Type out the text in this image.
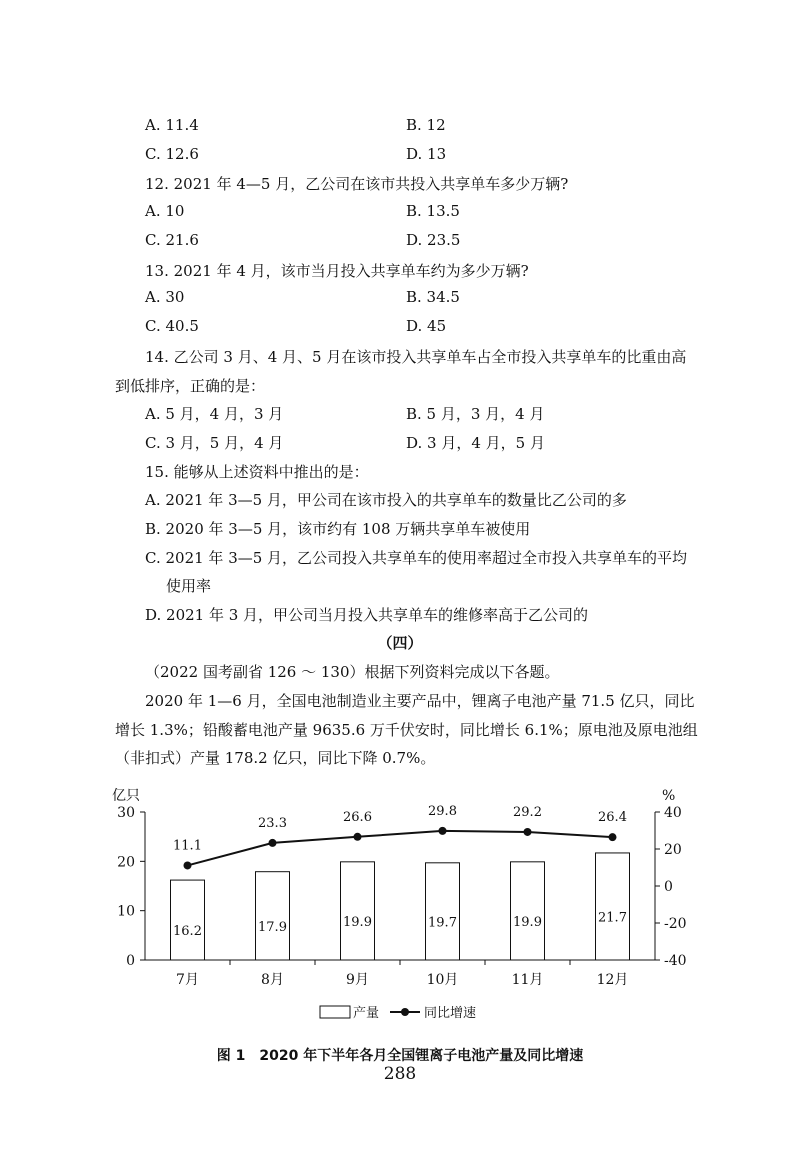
A. 11.4	B. 12
C. 12.6	D. 13
12. 2021 年 4—5 月，乙公司在该市共投入共享单车多少万辆?
A. 10	B. 13.5
C. 21.6	D. 23.5
13. 2021 年 4 月，该市当月投入共享单车约为多少万辆?
A. 30	B. 34.5
C. 40.5	D. 45
14. 乙公司 3 月、4 月、5 月在该市投入共享单车占全市投入共享单车的比重由高
到低排序，正确的是：
A. 5 月，4 月，3 月	B. 5 月，3 月，4 月
C. 3 月，5 月，4 月	D. 3 月，4 月，5 月
15. 能够从上述资料中推出的是：
A. 2021 年 3—5 月，甲公司在该市投入的共享单车的数量比乙公司的多
B. 2020 年 3—5 月，该市约有 108 万辆共享单车被使用
C. 2021 年 3—5 月，乙公司投入共享单车的使用率超过全市投入共享单车的平均
使用率
D. 2021 年 3 月，甲公司当月投入共享单车的维修率高于乙公司的
（四）
（2022 国考副省 126 ～ 130）根据下列资料完成以下各题。
2020 年 1—6 月，全国电池制造业主要产品中，锂离子电池产量 71.5 亿只，同比
增长 1.3%；铅酸蓄电池产量 9635.6 万千伏安时，同比增长 6.1%；原电池及原电池组
（非扣式）产量 178.2 亿只，同比下降 0.7%。
亿只	%
0
10
20
30
-40
-20
0
20
40
16.2
7月
17.9
8月
19.9
9月
19.7
10月
19.9
11月
21.7
12月
11.1
23.3	26.6	29.8	29.2	26.4
产量	同比增速
图 1　2020 年下半年各月全国锂离子电池产量及同比增速
288
